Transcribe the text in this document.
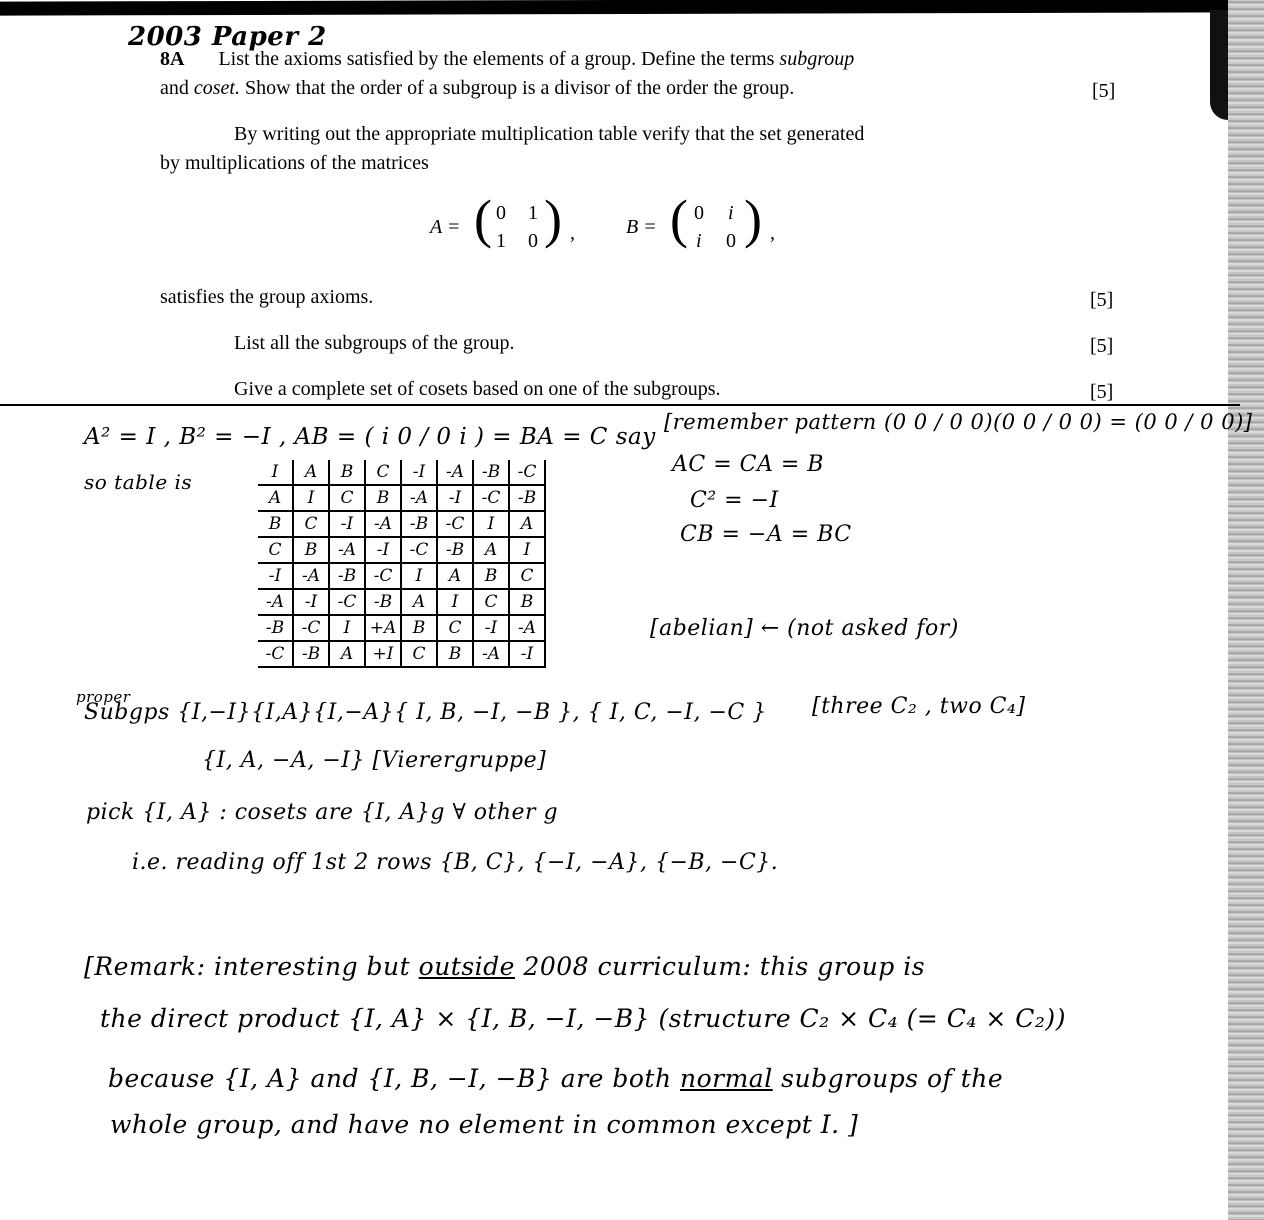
2003 Paper 2
8A List the axioms satisfied by the elements of a group. Define the terms subgroup
and coset. Show that the order of a subgroup is a divisor of the order the group.	[5]
By writing out the appropriate multiplication table verify that the set generated
by multiplications of the matrices
A = ( 0 1
1 0 ) ,	B = ( 0 i
i 0 ) ,
satisfies the group axioms.	[5]
List all the subgroups of the group.	[5]
Give a complete set of cosets based on one of the subgroups.	[5]
A² = I , B² = −I , AB = ( i 0 / 0 i ) = BA = C say
[remember pattern (0 0 / 0 0)(0 0 / 0 0) = (0 0 / 0 0)]
AC = CA = B
C² = −I
CB = −A = BC
so table is	I	A	B	C	-I	-A	-B	-C
A	I	C	B	-A	-I	-C	-B
B	C	-I	-A	-B	-C	I	A
C	B	-A	-I	-C	-B	A	I
-I	-A	-B	-C	I	A	B	C
-A	-I	-C	-B	A	I	C	B
-B	-C	I	+A	B	C	-I	-A
-C	-B	A	+I	C	B	-A	-I
[abelian] ← (not asked for)
proper
Subgps {I,−I}{I,A}{I,−A}{ I, B, −I, −B }, { I, C, −I, −C } [three C₂ , two C₄]
{I, A, −A, −I} [Vierergruppe]
pick {I, A} : cosets are {I, A}g ∀ other g
i.e. reading off 1st 2 rows {B, C}, {−I, −A}, {−B, −C}.
[Remark: interesting but outside 2008 curriculum: this group is
the direct product {I, A} × {I, B, −I, −B} (structure C₂ × C₄ (= C₄ × C₂))
because {I, A} and {I, B, −I, −B} are both normal subgroups of the
whole group, and have no element in common except I. ]
